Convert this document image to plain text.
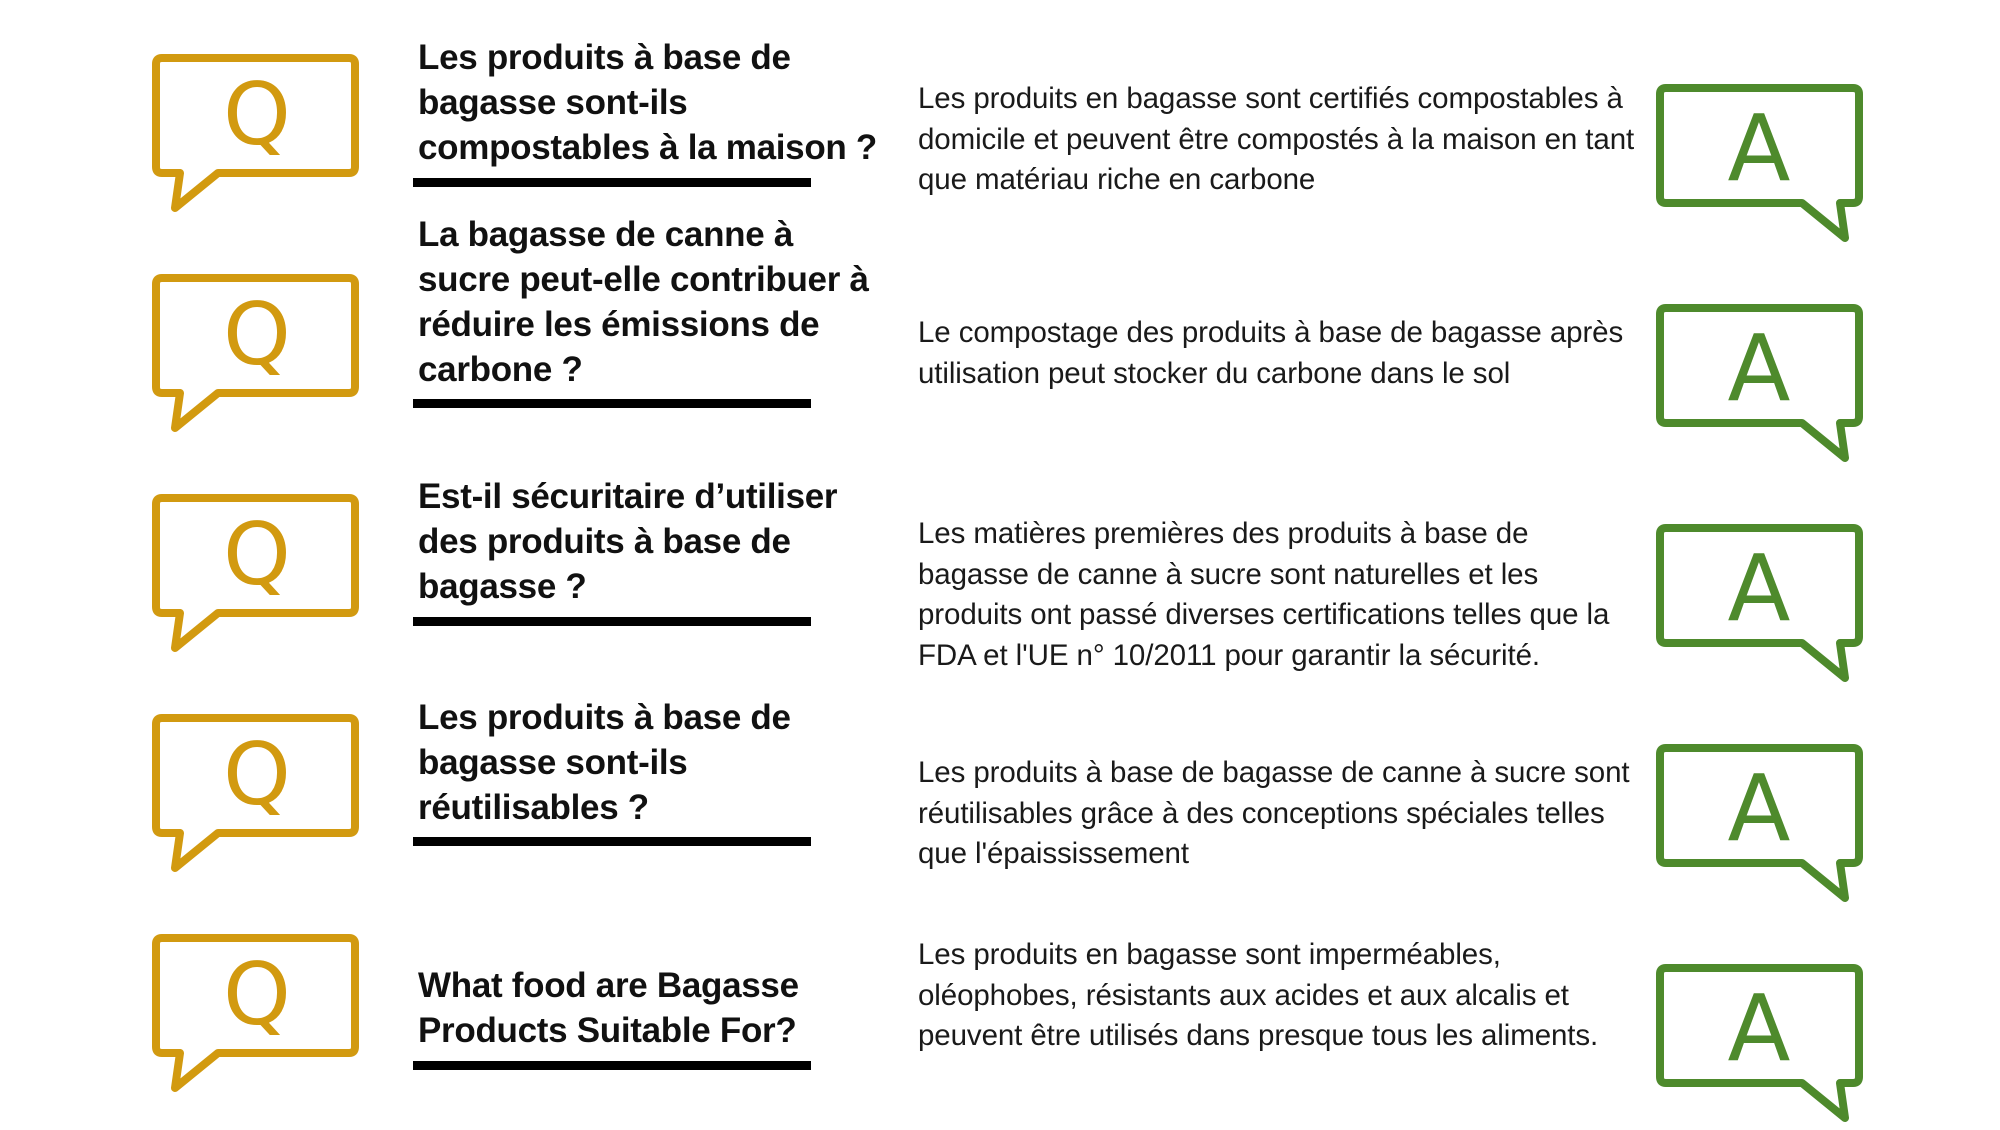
Q
Les produits à base de bagasse sont-ils compostables à la maison ?
Les produits en bagasse sont certifiés compostables à domicile et peuvent être compostés à la maison en tant que matériau riche en carbone	A
Q
La bagasse de canne à sucre peut-elle contribuer à réduire les émissions de carbone ?
Le compostage des produits à base de bagasse après utilisation peut stocker du carbone dans le sol	A
Q
Est-il sécuritaire d’utiliser des produits à base de bagasse ?
Les matières premières des produits à base de bagasse de canne à sucre sont naturelles et les produits ont passé diverses certifications telles que la FDA et l'UE n° 10/2011 pour garantir la sécurité.
A
Q
Les produits à base de bagasse sont-ils réutilisables ?
Les produits à base de bagasse de canne à sucre sont réutilisables grâce à des conceptions spéciales telles que l'épaississement	A
Q	What food are Bagasse Products Suitable For?
Les produits en bagasse sont imperméables, oléophobes, résistants aux acides et aux alcalis et peuvent être utilisés dans presque tous les aliments.	A
